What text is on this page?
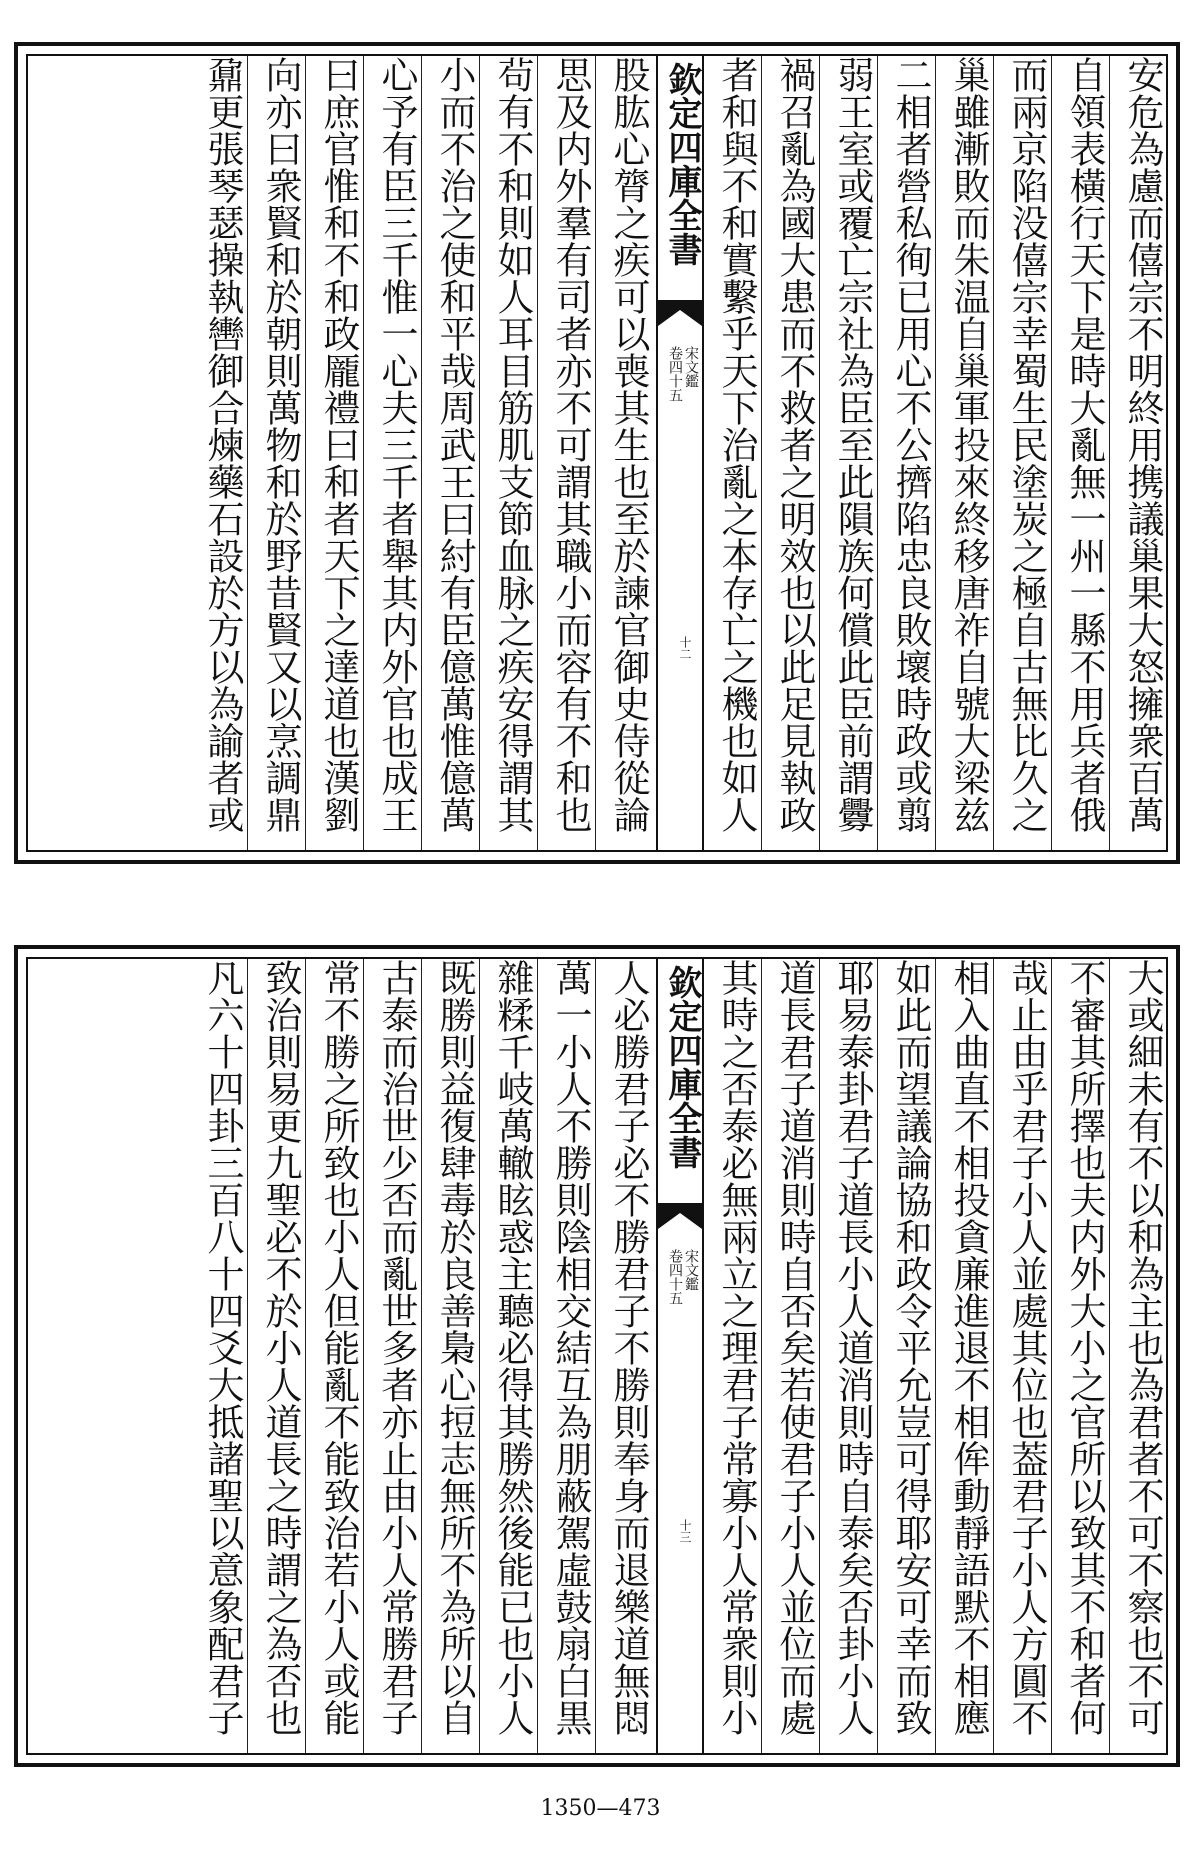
安危為慮而僖宗不明終用携議巢果大怒擁衆百萬
自領表橫行天下是時大亂無一州一縣不用兵者俄
而兩京陷没僖宗幸蜀生民塗炭之極自古無比久之
巢雖漸敗而朱温自巢軍投來終移唐祚自號大梁兹
二相者營私徇已用心不公擠陷忠良敗壞時政或翦
弱王室或覆亡宗社為臣至此隕族何償此臣前謂釁
禍召亂為國大患而不救者之明效也以此足見執政
者和與不和實繫乎天下治亂之本存亡之機也如人
欽定四庫全書
宋文鑑
卷四十五
十二
股肱心膂之疾可以喪其生也至於諫官御史侍從論
思及内外羣有司者亦不可謂其職小而容有不和也
茍有不和則如人耳目筋肌支節血脉之疾安得謂其
小而不治之使和平哉周武王曰紂有臣億萬惟億萬
心予有臣三千惟一心夫三千者舉其内外官也成王
曰庶官惟和不和政龎禮曰和者天下之達道也漢劉
向亦曰衆賢和於朝則萬物和於野昔賢又以烹調鼎
鼐更張琴瑟操執轡御合煉藥石設於方以為諭者或
大或細未有不以和為主也為君者不可不察也不可
不審其所擇也夫内外大小之官所以致其不和者何
哉止由乎君子小人並處其位也葢君子小人方圓不
相入曲直不相投貪廉進退不相侔動靜語默不相應
如此而望議論協和政令平允豈可得耶安可幸而致
耶易泰卦君子道長小人道消則時自泰矣否卦小人
道長君子道消則時自否矣若使君子小人並位而處
其時之否泰必無兩立之理君子常寡小人常衆則小
欽定四庫全書
宋文鑑
卷四十五
十三
人必勝君子必不勝君子不勝則奉身而退樂道無悶
萬一小人不勝則陰相交結互為朋蔽駕虛鼓扇白黒
雜糅千岐萬轍眩惑主聽必得其勝然後能已也小人
既勝則益復肆毒於良善梟心𢭃志無所不為所以自
古泰而治世少否而亂世多者亦止由小人常勝君子
常不勝之所致也小人但能亂不能致治若小人或能
致治則易更九聖必不於小人道長之時謂之為否也
凡六十四卦三百八十四爻大抵諸聖以意象配君子
1350—473
